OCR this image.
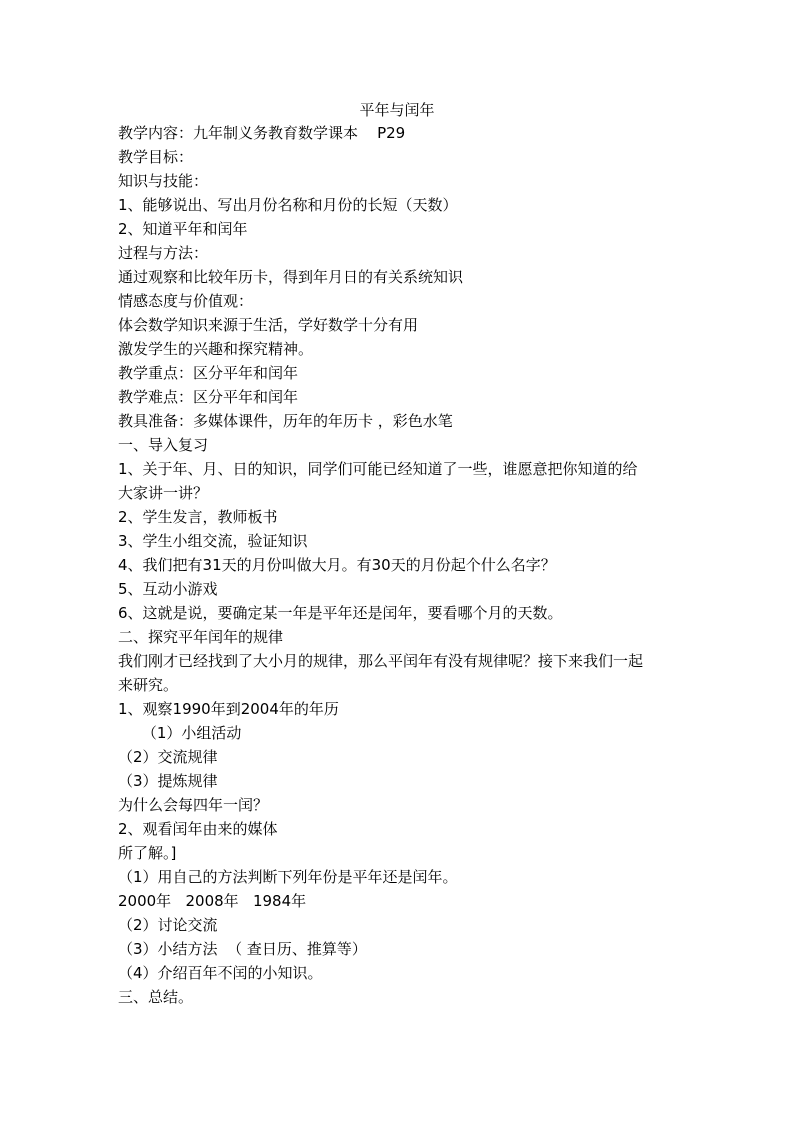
平年与闰年
教学内容：九年制义务教育数学课本    P29
教学目标：
知识与技能：
1、能够说出、写出月份名称和月份的长短（天数）
2、知道平年和闰年
过程与方法：
通过观察和比较年历卡，得到年月日的有关系统知识
情感态度与价值观：
体会数学知识来源于生活，学好数学十分有用
激发学生的兴趣和探究精神。
教学重点：区分平年和闰年
教学难点：区分平年和闰年
教具准备：多媒体课件，历年的年历卡 ，彩色水笔
一、导入复习
1、关于年、月、日的知识，同学们可能已经知道了一些，谁愿意把你知道的给
大家讲一讲？
2、学生发言，教师板书
3、学生小组交流，验证知识
4、我们把有31天的月份叫做大月。有30天的月份起个什么名字？
5、互动小游戏
6、这就是说，要确定某一年是平年还是闰年，要看哪个月的天数。
二、探究平年闰年的规律
我们刚才已经找到了大小月的规律，那么平闰年有没有规律呢？接下来我们一起
来研究。
1、观察1990年到2004年的年历
（1）小组活动
（2）交流规律
（3）提炼规律
为什么会每四年一闰？
2、观看闰年由来的媒体
所了解。]
（1）用自己的方法判断下列年份是平年还是闰年。
2000年   2008年   1984年
（2）讨论交流
（3）小结方法  （ 查日历、推算等）
（4）介绍百年不闰的小知识。
三、总结。
